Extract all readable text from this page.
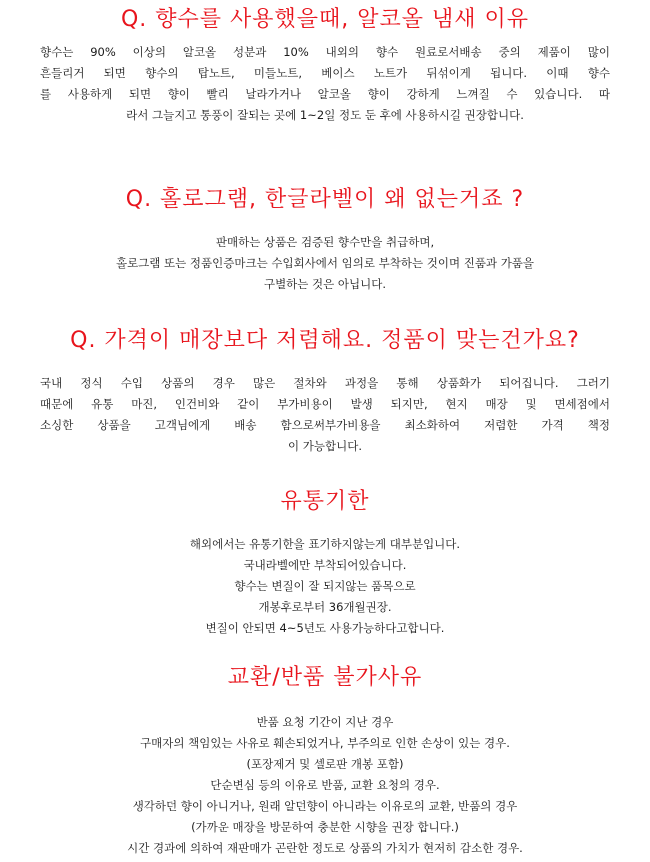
Q. 향수를 사용했을때, 알코올 냄새 이유
향수는 90% 이상의 알코올 성분과 10% 내외의 향수 원료로서배송 중의 제품이 많이
흔들리거 되면 향수의 탑노트, 미들노트, 베이스 노트가 뒤섞이게 됩니다. 이때 향수
를 사용하게 되면 향이 빨리 날라가거나 알코올 향이 강하게 느껴질 수 있습니다. 따
라서 그늘지고 통풍이 잘되는 곳에 1~2일 정도 둔 후에 사용하시길 권장합니다.
Q. 홀로그램, 한글라벨이 왜 없는거죠 ?
판매하는 상품은 검증된 향수만을 취급하며,
홀로그램 또는 정품인증마크는 수입회사에서 임의로 부착하는 것이며 진품과 가품을
구별하는 것은 아닙니다.
Q. 가격이 매장보다 저렴해요. 정품이 맞는건가요?
국내 정식 수입 상품의 경우 많은 절차와 과정을 통해 상품화가 되어집니다. 그러기
때문에 유통 마진, 인건비와 같이 부가비용이 발생 되지만, 현지 매장 및 면세점에서
소싱한 상품을 고객님에게 배송 함으로써부가비용을 최소화하여 저렴한 가격 책정
이 가능합니다.
유통기한
해외에서는 유통기한을 표기하지않는게 대부분입니다.
국내라벨에만 부착되어있습니다.
향수는 변질이 잘 되지않는 품목으로
개봉후로부터 36개월권장.
변질이 안되면 4~5년도 사용가능하다고합니다.
교환/반품 불가사유
반품 요청 기간이 지난 경우
구매자의 책임있는 사유로 훼손되었거나, 부주의로 인한 손상이 있는 경우.
(포장제거 및 셀로판 개봉 포함)
단순변심 등의 이유로 반품, 교환 요청의 경우.
생각하던 향이 아니거나, 원래 알던향이 아니라는 이유로의 교환, 반품의 경우
(가까운 매장을 방문하여 충분한 시향을 권장 합니다.)
시간 경과에 의하여 재판매가 곤란한 정도로 상품의 가치가 현저히 감소한 경우.
